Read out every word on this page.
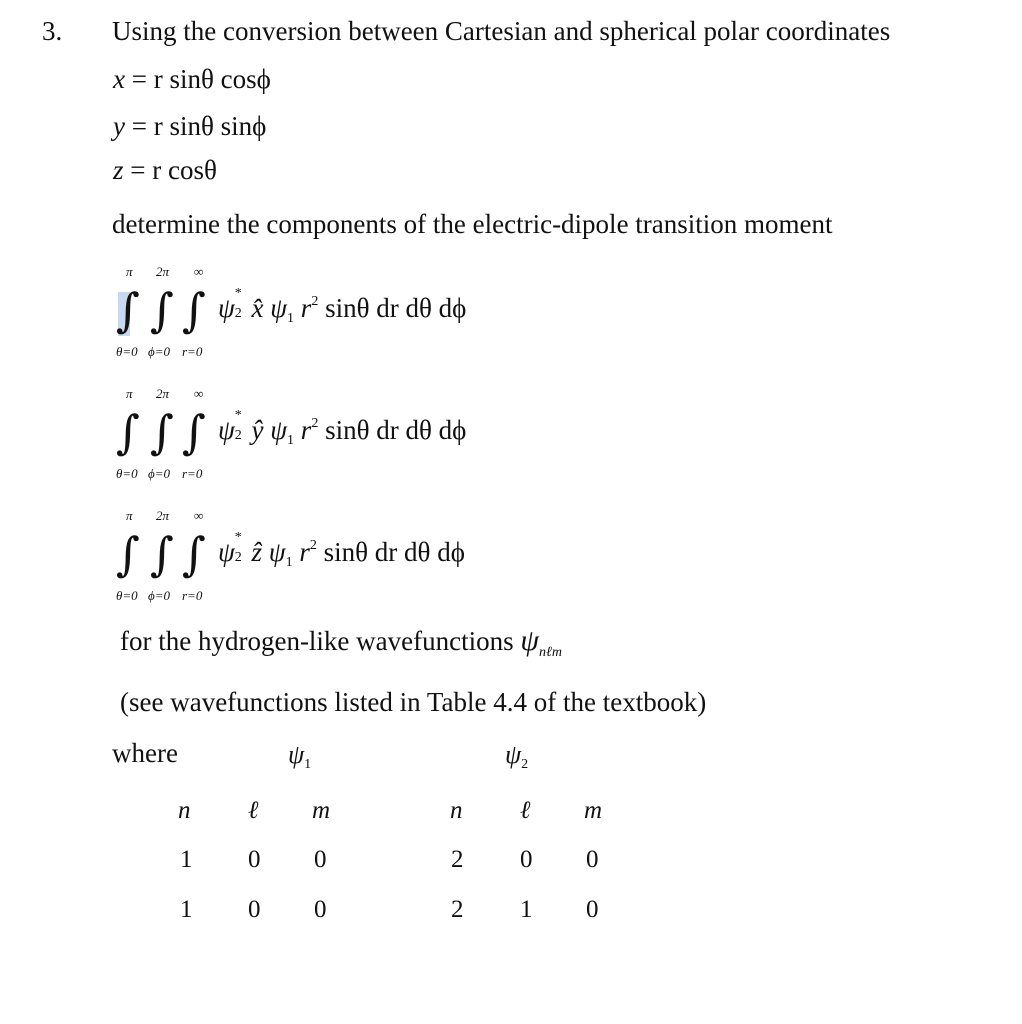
3. Using the conversion between Cartesian and spherical polar coordinates
x = r sinθ cosϕ
y = r sinθ sinϕ
z = r cosθ
determine the components of the electric-dipole transition moment
π 2π ∞
∫ ∫ ∫
θ=0 ϕ=0 r=0
ψ *
2 x̂ $\psi_1$ $r^2$ sinθ dr dθ dϕ
π 2π ∞
∫ ∫ ∫
θ=0 ϕ=0 r=0
ψ *
2 ŷ $\psi_1$ $r^2$ sinθ dr dθ dϕ
π 2π ∞
∫ ∫ ∫
θ=0 ϕ=0 r=0
ψ *
2 ẑ $\psi_1$ $r^2$ sinθ dr dθ dϕ
for the hydrogen-like wavefunctions $\psi_{n\ell m}$
(see wavefunctions listed in Table 4.4 of the textbook)
where	$\psi_1$	$\psi_2$
n ℓ m	n ℓ m
1 0 0	2 0 0
1 0 0	2 1 0
